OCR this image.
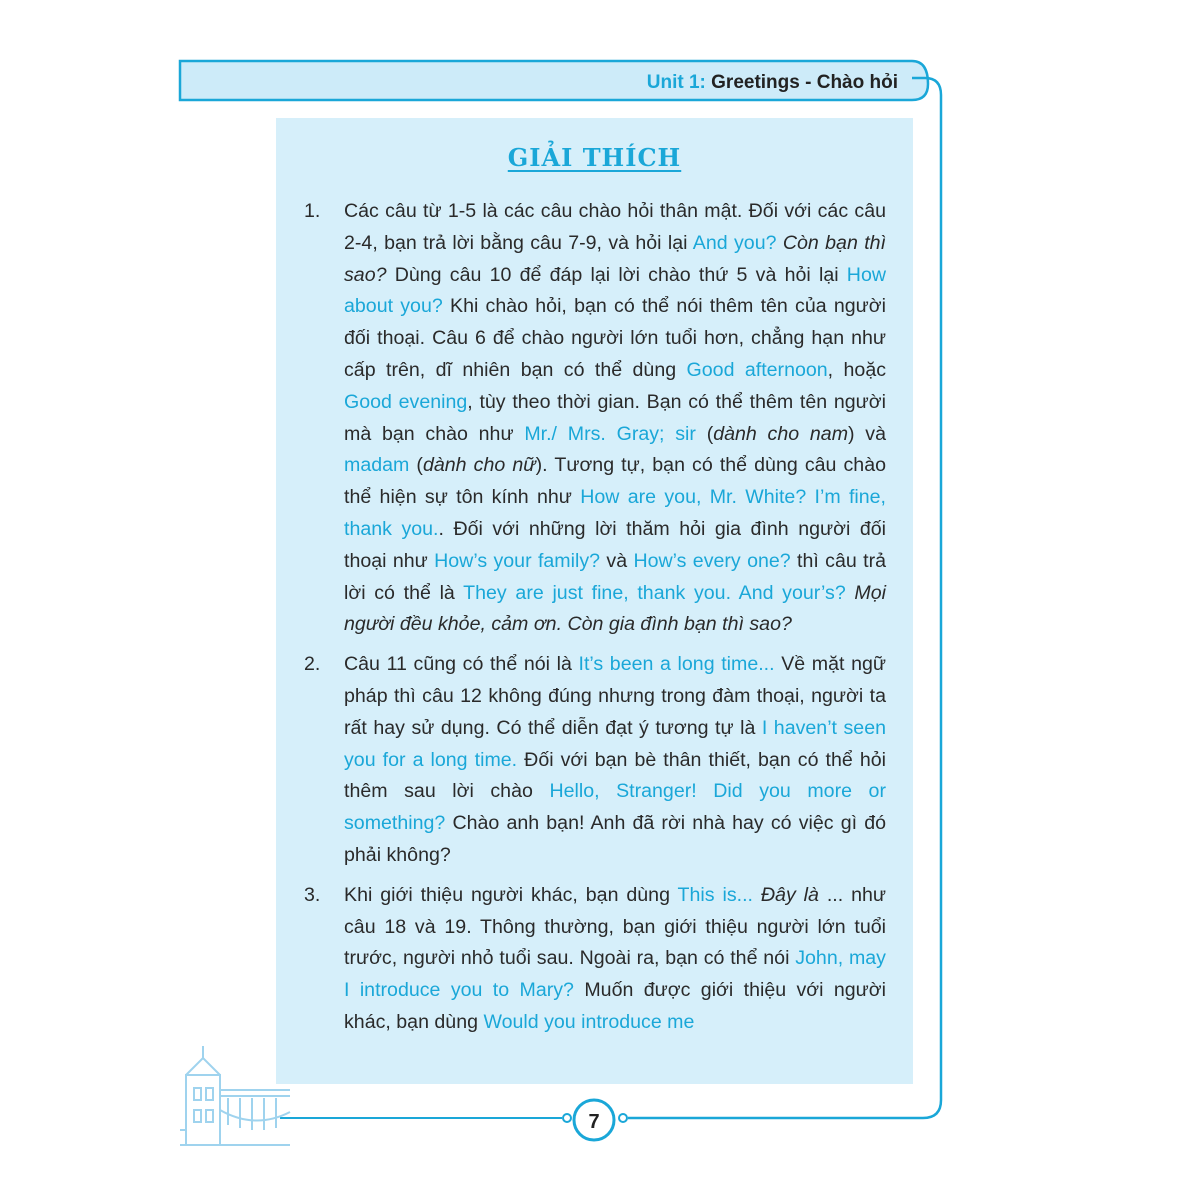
Unit 1: Greetings - Chào hỏi
GIẢI THÍCH
1. Các câu từ 1-5 là các câu chào hỏi thân mật. Đối với các câu 2-4, bạn trả lời bằng câu 7-9, và hỏi lại And you? Còn bạn thì sao? Dùng câu 10 để đáp lại lời chào thứ 5 và hỏi lại How about you? Khi chào hỏi, bạn có thể nói thêm tên của người đối thoại. Câu 6 để chào người lớn tuổi hơn, chẳng hạn như cấp trên, dĩ nhiên bạn có thể dùng Good afternoon, hoặc Good evening, tùy theo thời gian. Bạn có thể thêm tên người mà bạn chào như Mr./ Mrs. Gray; sir (dành cho nam) và madam (dành cho nữ). Tương tự, bạn có thể dùng câu chào thể hiện sự tôn kính như How are you, Mr. White? I’m fine, thank you.. Đối với những lời thăm hỏi gia đình người đối thoại như How’s your family? và How’s every one? thì câu trả lời có thể là They are just fine, thank you. And your’s? Mọi người đều khỏe, cảm ơn. Còn gia đình bạn thì sao?
2. Câu 11 cũng có thể nói là It’s been a long time... Về mặt ngữ pháp thì câu 12 không đúng nhưng trong đàm thoại, người ta rất hay sử dụng. Có thể diễn đạt ý tương tự là I haven’t seen you for a long time. Đối với bạn bè thân thiết, bạn có thể hỏi thêm sau lời chào Hello, Stranger! Did you more or something? Chào anh bạn! Anh đã rời nhà hay có việc gì đó phải không?
3. Khi giới thiệu người khác, bạn dùng This is... Đây là ... như câu 18 và 19. Thông thường, bạn giới thiệu người lớn tuổi trước, người nhỏ tuổi sau. Ngoài ra, bạn có thể nói John, may I introduce you to Mary? Muốn được giới thiệu với người khác, bạn dùng Would you introduce me
7
